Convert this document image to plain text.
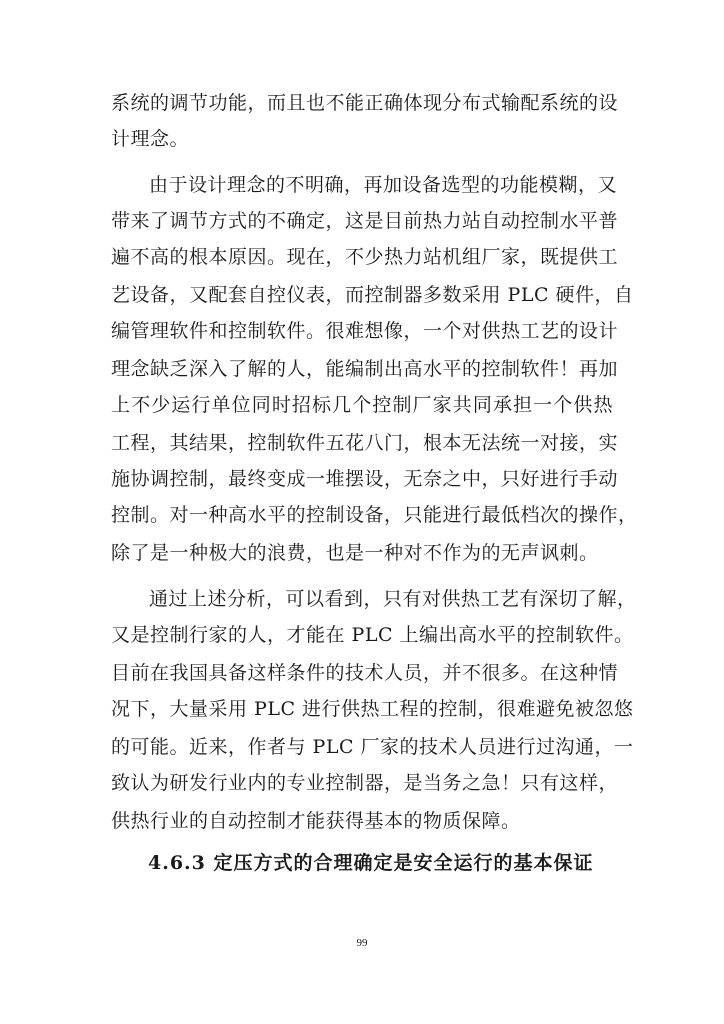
系统的调节功能，而且也不能正确体现分布式输配系统的设
计理念。
由于设计理念的不明确，再加设备选型的功能模糊，又
带来了调节方式的不确定，这是目前热力站自动控制水平普
遍不高的根本原因。现在，不少热力站机组厂家，既提供工
艺设备，又配套自控仪表，而控制器多数采用 PLC 硬件，自
编管理软件和控制软件。很难想像，一个对供热工艺的设计
理念缺乏深入了解的人，能编制出高水平的控制软件！再加
上不少运行单位同时招标几个控制厂家共同承担一个供热
工程，其结果，控制软件五花八门，根本无法统一对接，实
施协调控制，最终变成一堆摆设，无奈之中，只好进行手动
控制。对一种高水平的控制设备，只能进行最低档次的操作，
除了是一种极大的浪费，也是一种对不作为的无声讽刺。
通过上述分析，可以看到，只有对供热工艺有深切了解，
又是控制行家的人，才能在 PLC 上编出高水平的控制软件。
目前在我国具备这样条件的技术人员，并不很多。在这种情
况下，大量采用 PLC 进行供热工程的控制，很难避免被忽悠
的可能。近来，作者与 PLC 厂家的技术人员进行过沟通，一
致认为研发行业内的专业控制器，是当务之急！只有这样，
供热行业的自动控制才能获得基本的物质保障。
4.6.3 定压方式的合理确定是安全运行的基本保证
99
